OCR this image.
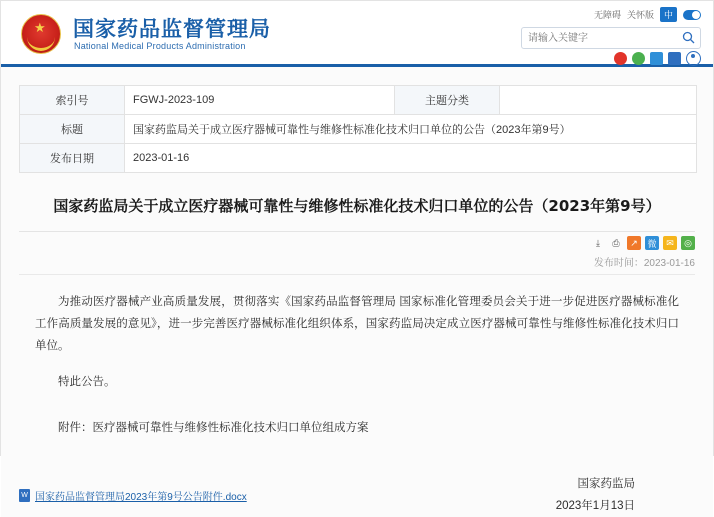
★ 国家药品监督管理局
National Medical Products Administration
无障碍 关怀版	中
请输入关键字
索引号	FGWJ-2023-109	主题分类	
标题	国家药监局关于成立医疗器械可靠性与维修性标准化技术归口单位的公告（2023年第9号）		
发布日期	2023-01-16		
国家药监局关于成立医疗器械可靠性与维修性标准化技术归口单位的公告（2023年第9号）
⤓	⎙	↗	微	✉	◎
发布时间：2023-01-16

为推动医疗器械产业高质量发展，贯彻落实《国家药品监督管理局 国家标准化管理委员会关于进一步促进医疗器械标准化工作高质量发展的意见》，进一步完善医疗器械标准化组织体系，国家药监局决定成立医疗器械可靠性与维修性标准化技术归口单位。

特此公告。

附件：医疗器械可靠性与维修性标准化技术归口单位组成方案
国家药监局
2023年1月13日
W 国家药品监督管理局2023年第9号公告附件.docx
